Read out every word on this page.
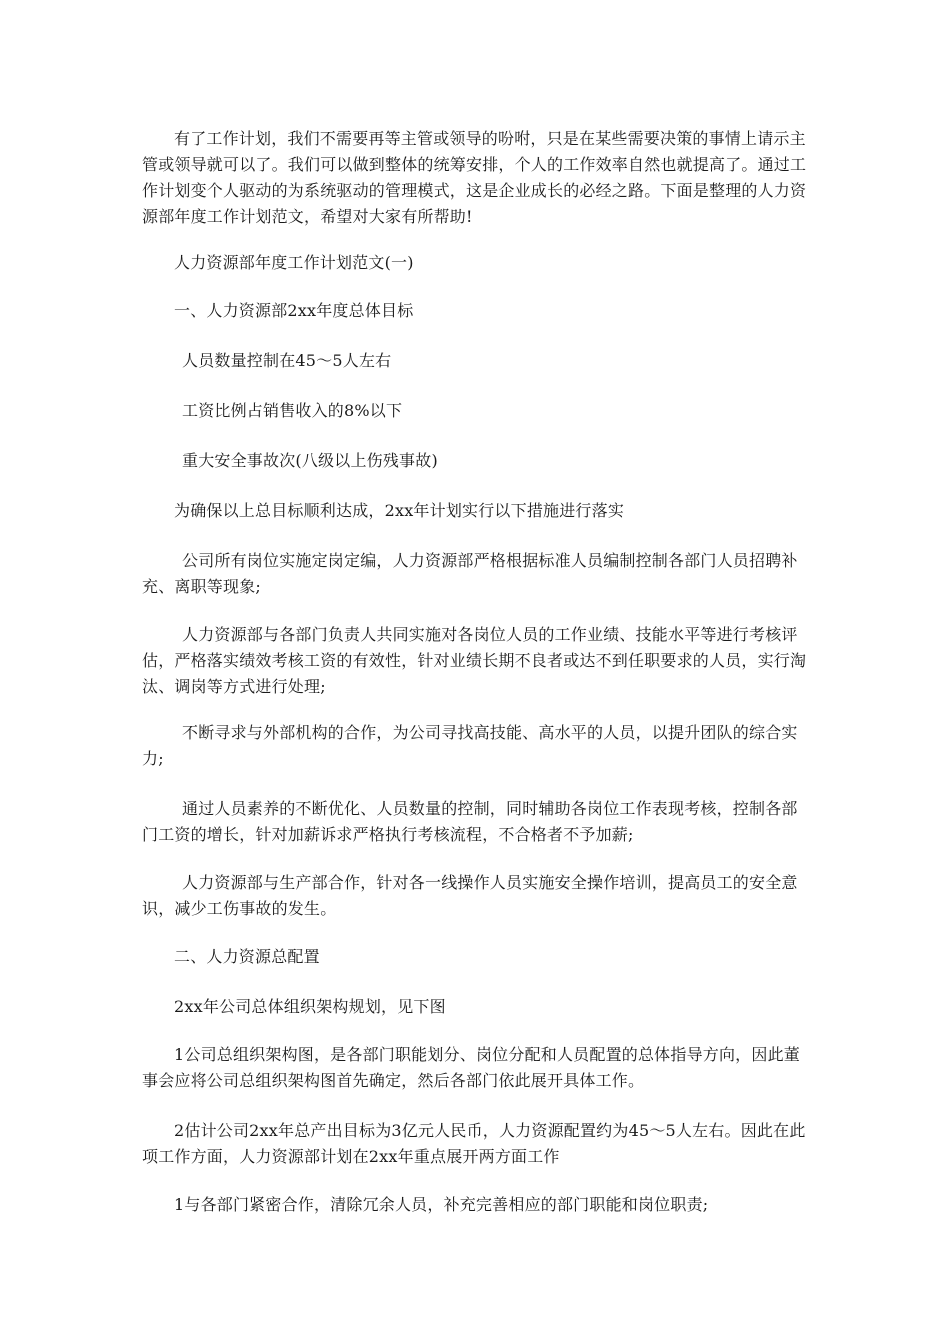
有了工作计划，我们不需要再等主管或领导的吩咐，只是在某些需要决策的事情上请示主管或领导就可以了。我们可以做到整体的统筹安排，个人的工作效率自然也就提高了。通过工作计划变个人驱动的为系统驱动的管理模式，这是企业成长的必经之路。下面是整理的人力资源部年度工作计划范文，希望对大家有所帮助!

人力资源部年度工作计划范文(一)

一、人力资源部2xx年度总体目标

人员数量控制在45～5人左右

工资比例占销售收入的8%以下

重大安全事故次(八级以上伤残事故)

为确保以上总目标顺利达成，2xx年计划实行以下措施进行落实

公司所有岗位实施定岗定编，人力资源部严格根据标准人员编制控制各部门人员招聘补充、离职等现象;

人力资源部与各部门负责人共同实施对各岗位人员的工作业绩、技能水平等进行考核评估，严格落实绩效考核工资的有效性，针对业绩长期不良者或达不到任职要求的人员，实行淘汰、调岗等方式进行处理;

不断寻求与外部机构的合作，为公司寻找高技能、高水平的人员，以提升团队的综合实力;

通过人员素养的不断优化、人员数量的控制，同时辅助各岗位工作表现考核，控制各部门工资的增长，针对加薪诉求严格执行考核流程，不合格者不予加薪;

人力资源部与生产部合作，针对各一线操作人员实施安全操作培训，提高员工的安全意识，减少工伤事故的发生。

二、人力资源总配置

2xx年公司总体组织架构规划，见下图

1公司总组织架构图，是各部门职能划分、岗位分配和人员配置的总体指导方向，因此董事会应将公司总组织架构图首先确定，然后各部门依此展开具体工作。

2估计公司2xx年总产出目标为3亿元人民币，人力资源配置约为45～5人左右。因此在此项工作方面，人力资源部计划在2xx年重点展开两方面工作

1与各部门紧密合作，清除冗余人员，补充完善相应的部门职能和岗位职责;
